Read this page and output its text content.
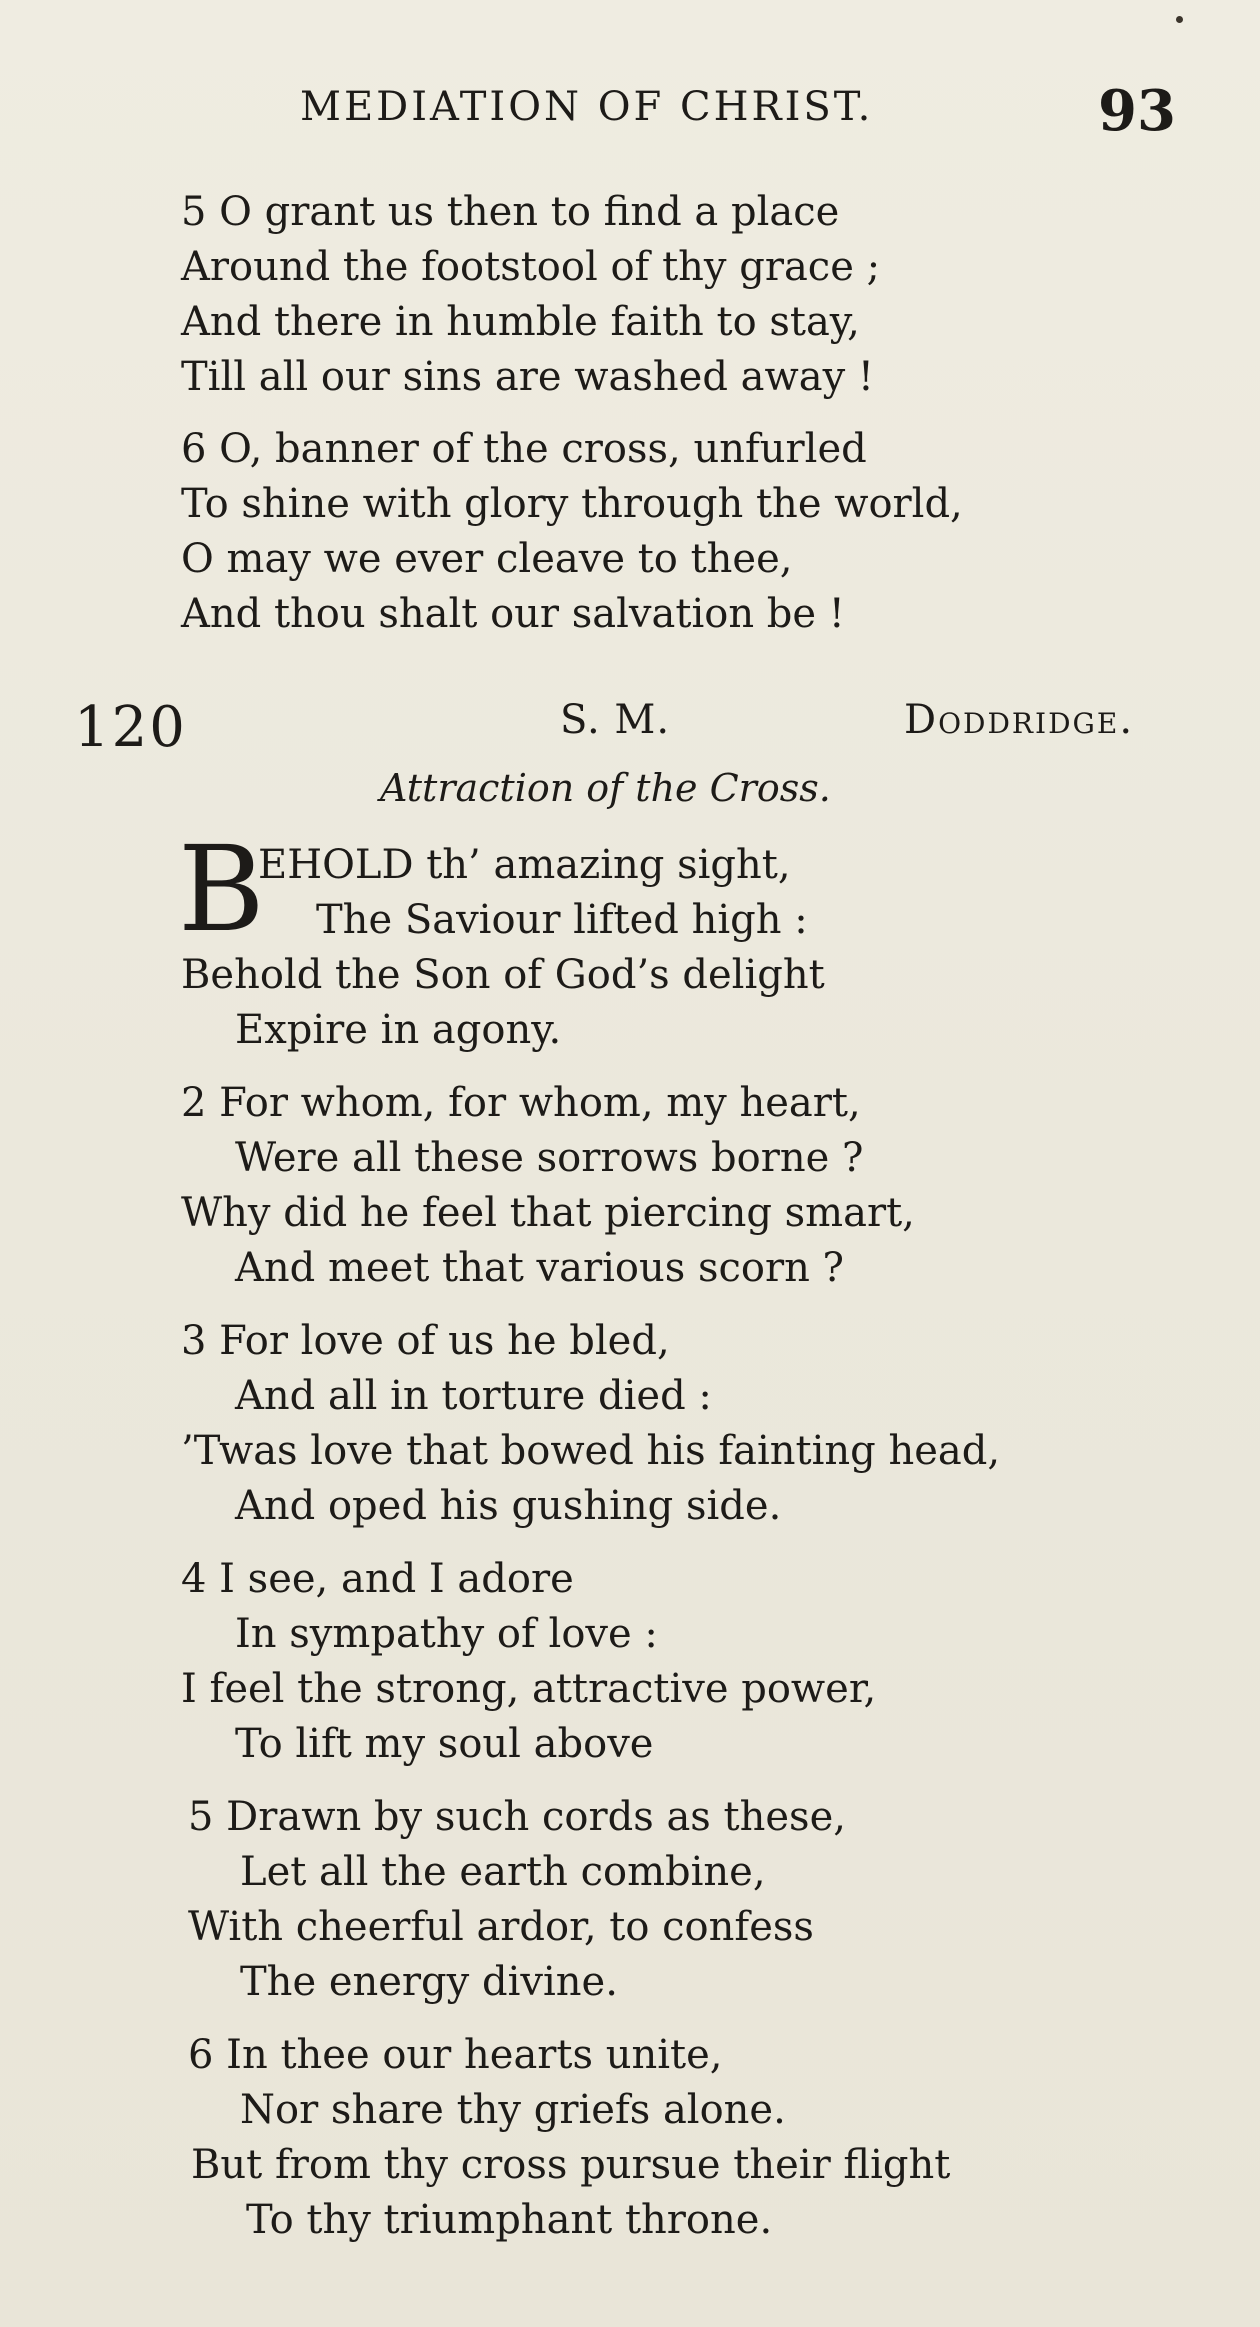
MEDIATION OF CHRIST.	93
5 O grant us then to find a place
Around the footstool of thy grace ;
And there in humble faith to stay,
Till all our sins are washed away !
6 O, banner of the cross, unfurled
To shine with glory through the world,
O may we ever cleave to thee,
And thou shalt our salvation be !
120	S. M.	Doddridge.
Attraction of the Cross.
B
EHOLD th’ amazing sight,
The Saviour lifted high :
Behold the Son of God’s delight
Expire in agony.
2 For whom, for whom, my heart,
Were all these sorrows borne ?
Why did he feel that piercing smart,
And meet that various scorn ?
3 For love of us he bled,
And all in torture died :
’Twas love that bowed his fainting head,
And oped his gushing side.
4 I see, and I adore
In sympathy of love :
I feel the strong, attractive power,
To lift my soul above
5 Drawn by such cords as these,
Let all the earth combine,
With cheerful ardor, to confess
The energy divine.
6 In thee our hearts unite,
Nor share thy griefs alone.
But from thy cross pursue their flight
To thy triumphant throne.
